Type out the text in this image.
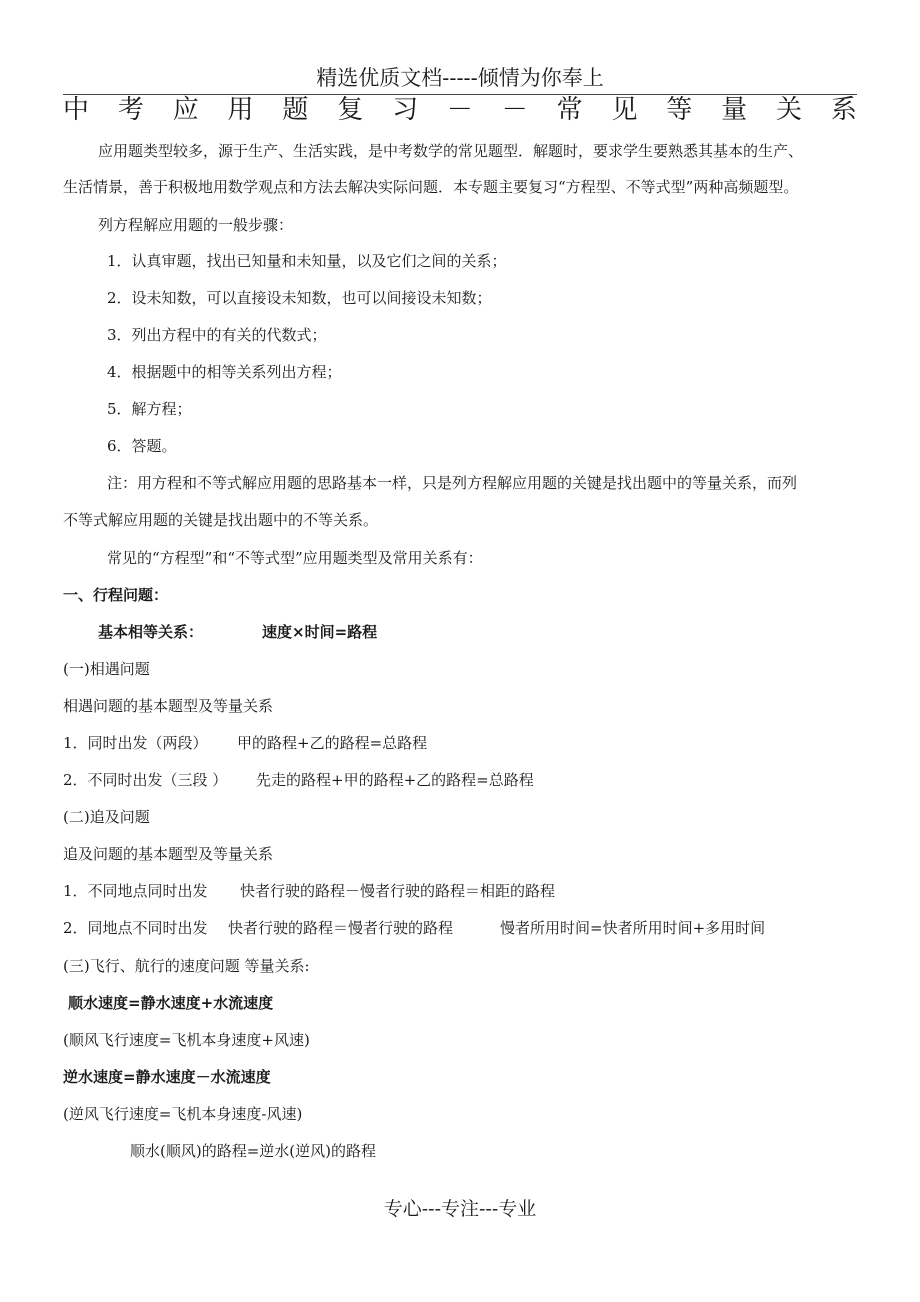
精选优质文档-----倾情为你奉上
中 考 应 用 题 复 习 － － 常 见 等 量 关 系
应用题类型较多，源于生产、生活实践，是中考数学的常见题型．解题时，要求学生要熟悉其基本的生产、
生活情景，善于积极地用数学观点和方法去解决实际问题．本专题主要复习“方程型、不等式型”两种高频题型。
列方程解应用题的一般步骤：
1．认真审题，找出已知量和未知量，以及它们之间的关系；
2．设未知数，可以直接设未知数，也可以间接设未知数；
3．列出方程中的有关的代数式；
4．根据题中的相等关系列出方程；
5．解方程；
6．答题。
注：用方程和不等式解应用题的思路基本一样，只是列方程解应用题的关键是找出题中的等量关系，而列
不等式解应用题的关键是找出题中的不等关系。
常见的“方程型”和“不等式型”应用题类型及常用关系有：
一、行程问题：
基本相等关系：	速度×时间=路程
(一)相遇问题
相遇问题的基本题型及等量关系
1．同时出发（两段） 甲的路程+乙的路程=总路程
2．不同时出发（三段 ） 先走的路程+甲的路程+乙的路程=总路程
(二)追及问题
追及问题的基本题型及等量关系
1．不同地点同时出发 快者行驶的路程－慢者行驶的路程＝相距的路程
2．同地点不同时出发 快者行驶的路程＝慢者行驶的路程	慢者所用时间=快者所用时间+多用时间
(三)飞行、航行的速度问题 等量关系:
顺水速度=静水速度+水流速度
(顺风飞行速度=飞机本身速度+风速)
逆水速度=静水速度－水流速度
(逆风飞行速度=飞机本身速度-风速)
顺水(顺风)的路程=逆水(逆风)的路程
专心---专注---专业
